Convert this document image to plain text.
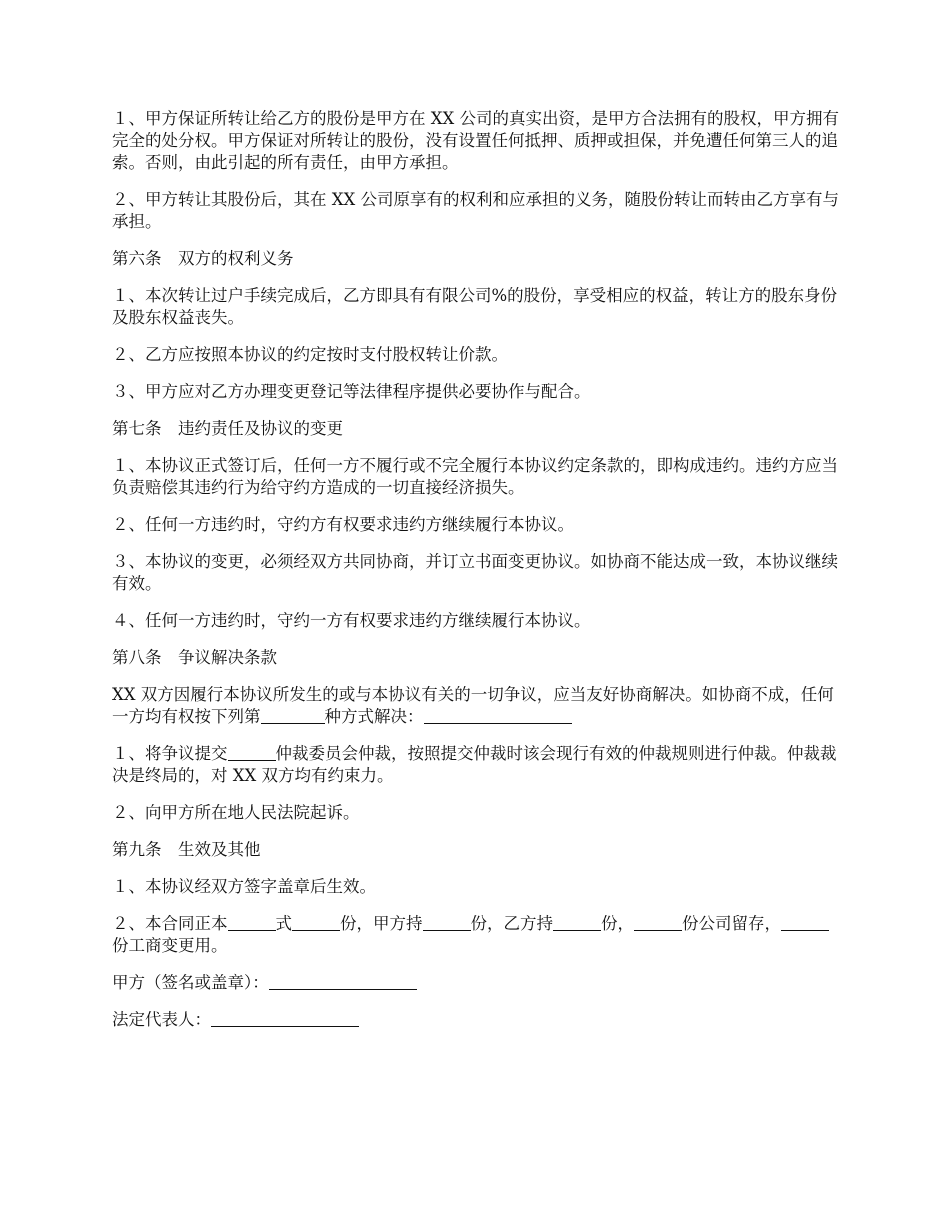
１、甲方保证所转让给乙方的股份是甲方在 XX 公司的真实出资，是甲方合法拥有的股权，甲方拥有完全的处分权。甲方保证对所转让的股份，没有设置任何抵押、质押或担保，并免遭任何第三人的追索。否则，由此引起的所有责任，由甲方承担。

２、甲方转让其股份后，其在 XX 公司原享有的权利和应承担的义务，随股份转让而转由乙方享有与承担。

第六条　双方的权利义务

１、本次转让过户手续完成后，乙方即具有有限公司%的股份，享受相应的权益，转让方的股东身份及股东权益丧失。

２、乙方应按照本协议的约定按时支付股权转让价款。

３、甲方应对乙方办理变更登记等法律程序提供必要协作与配合。

第七条　违约责任及协议的变更

１、本协议正式签订后，任何一方不履行或不完全履行本协议约定条款的，即构成违约。违约方应当负责赔偿其违约行为给守约方造成的一切直接经济损失。

２、任何一方违约时，守约方有权要求违约方继续履行本协议。

３、本协议的变更，必须经双方共同协商，并订立书面变更协议。如协商不能达成一致，本协议继续有效。

４、任何一方违约时，守约一方有权要求违约方继续履行本协议。

第八条　争议解决条款

XX 双方因履行本协议所发生的或与本协议有关的一切争议，应当友好协商解决。如协商不成，任何一方均有权按下列第	种方式解决：

１、将争议提交	仲裁委员会仲裁，按照提交仲裁时该会现行有效的仲裁规则进行仲裁。仲裁裁决是终局的，对 XX 双方均有约束力。

２、向甲方所在地人民法院起诉。

第九条　生效及其他

１、本协议经双方签字盖章后生效。

２、本合同正本	式	份，甲方持	份，乙方持	份，	份公司留存，份工商变更用。

甲方（签名或盖章）：

法定代表人：
